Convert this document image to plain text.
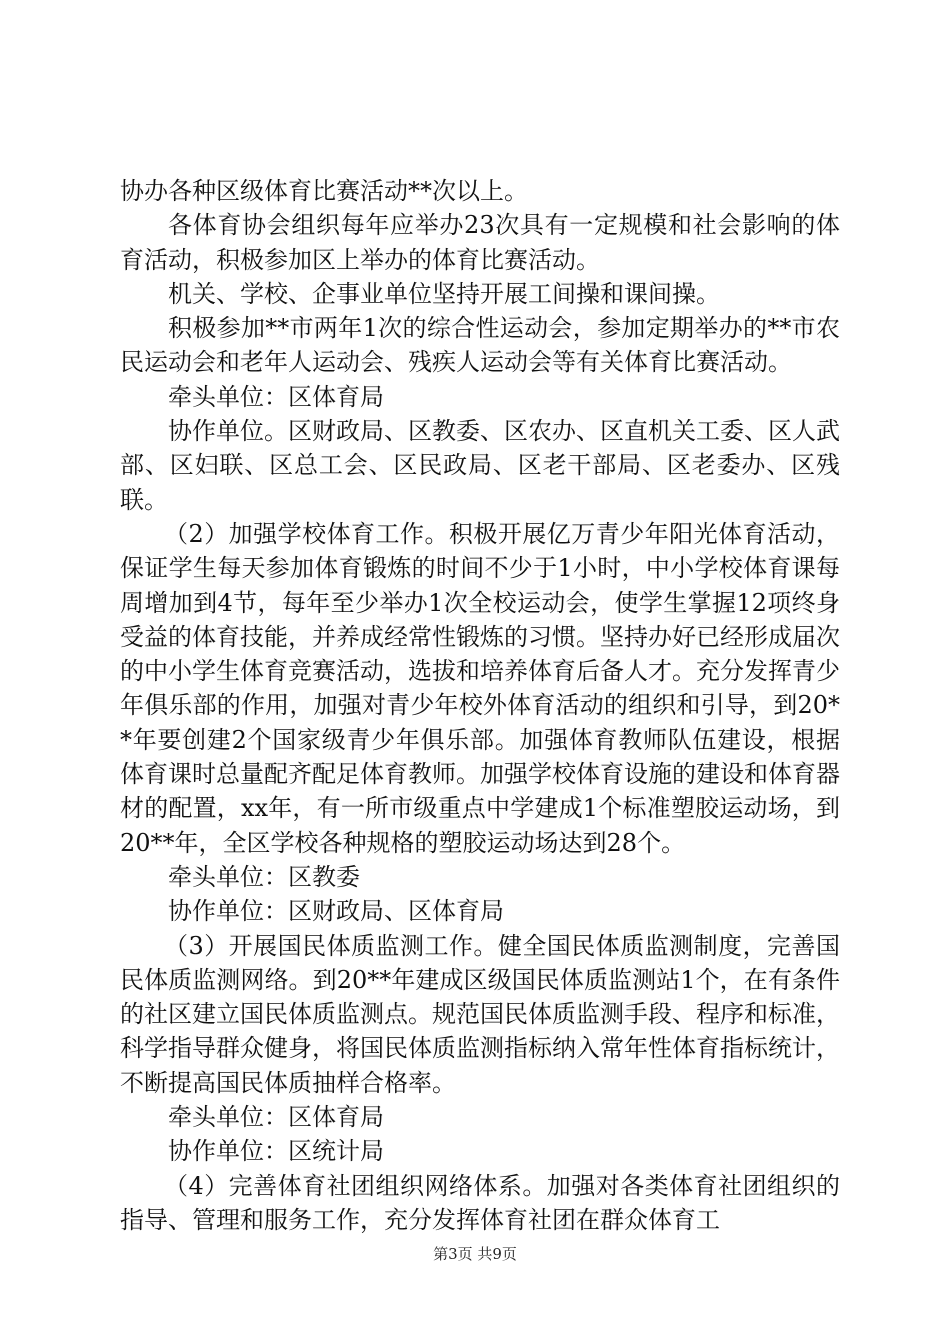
协办各种区级体育比赛活动**次以上。

各体育协会组织每年应举办23次具有一定规模和社会影响的体育活动，积极参加区上举办的体育比赛活动。

机关、学校、企事业单位坚持开展工间操和课间操。

积极参加**市两年1次的综合性运动会，参加定期举办的**市农民运动会和老年人运动会、残疾人运动会等有关体育比赛活动。

牵头单位：区体育局

协作单位。区财政局、区教委、区农办、区直机关工委、区人武部、区妇联、区总工会、区民政局、区老干部局、区老委办、区残联。

（2）加强学校体育工作。积极开展亿万青少年阳光体育活动，保证学生每天参加体育锻炼的时间不少于1小时，中小学校体育课每周增加到4节，每年至少举办1次全校运动会，使学生掌握12项终身受益的体育技能，并养成经常性锻炼的习惯。坚持办好已经形成届次的中小学生体育竞赛活动，选拔和培养体育后备人才。充分发挥青少年俱乐部的作用，加强对青少年校外体育活动的组织和引导，到20**年要创建2个国家级青少年俱乐部。加强体育教师队伍建设，根据体育课时总量配齐配足体育教师。加强学校体育设施的建设和体育器材的配置，xx年，有一所市级重点中学建成1个标准塑胶运动场，到20**年，全区学校各种规格的塑胶运动场达到28个。

牵头单位：区教委

协作单位：区财政局、区体育局

（3）开展国民体质监测工作。健全国民体质监测制度，完善国民体质监测网络。到20**年建成区级国民体质监测站1个，在有条件的社区建立国民体质监测点。规范国民体质监测手段、程序和标准，科学指导群众健身，将国民体质监测指标纳入常年性体育指标统计，不断提高国民体质抽样合格率。

牵头单位：区体育局

协作单位：区统计局

（4）完善体育社团组织网络体系。加强对各类体育社团组织的指导、管理和服务工作，充分发挥体育社团在群众体育工

第3页 共9页
